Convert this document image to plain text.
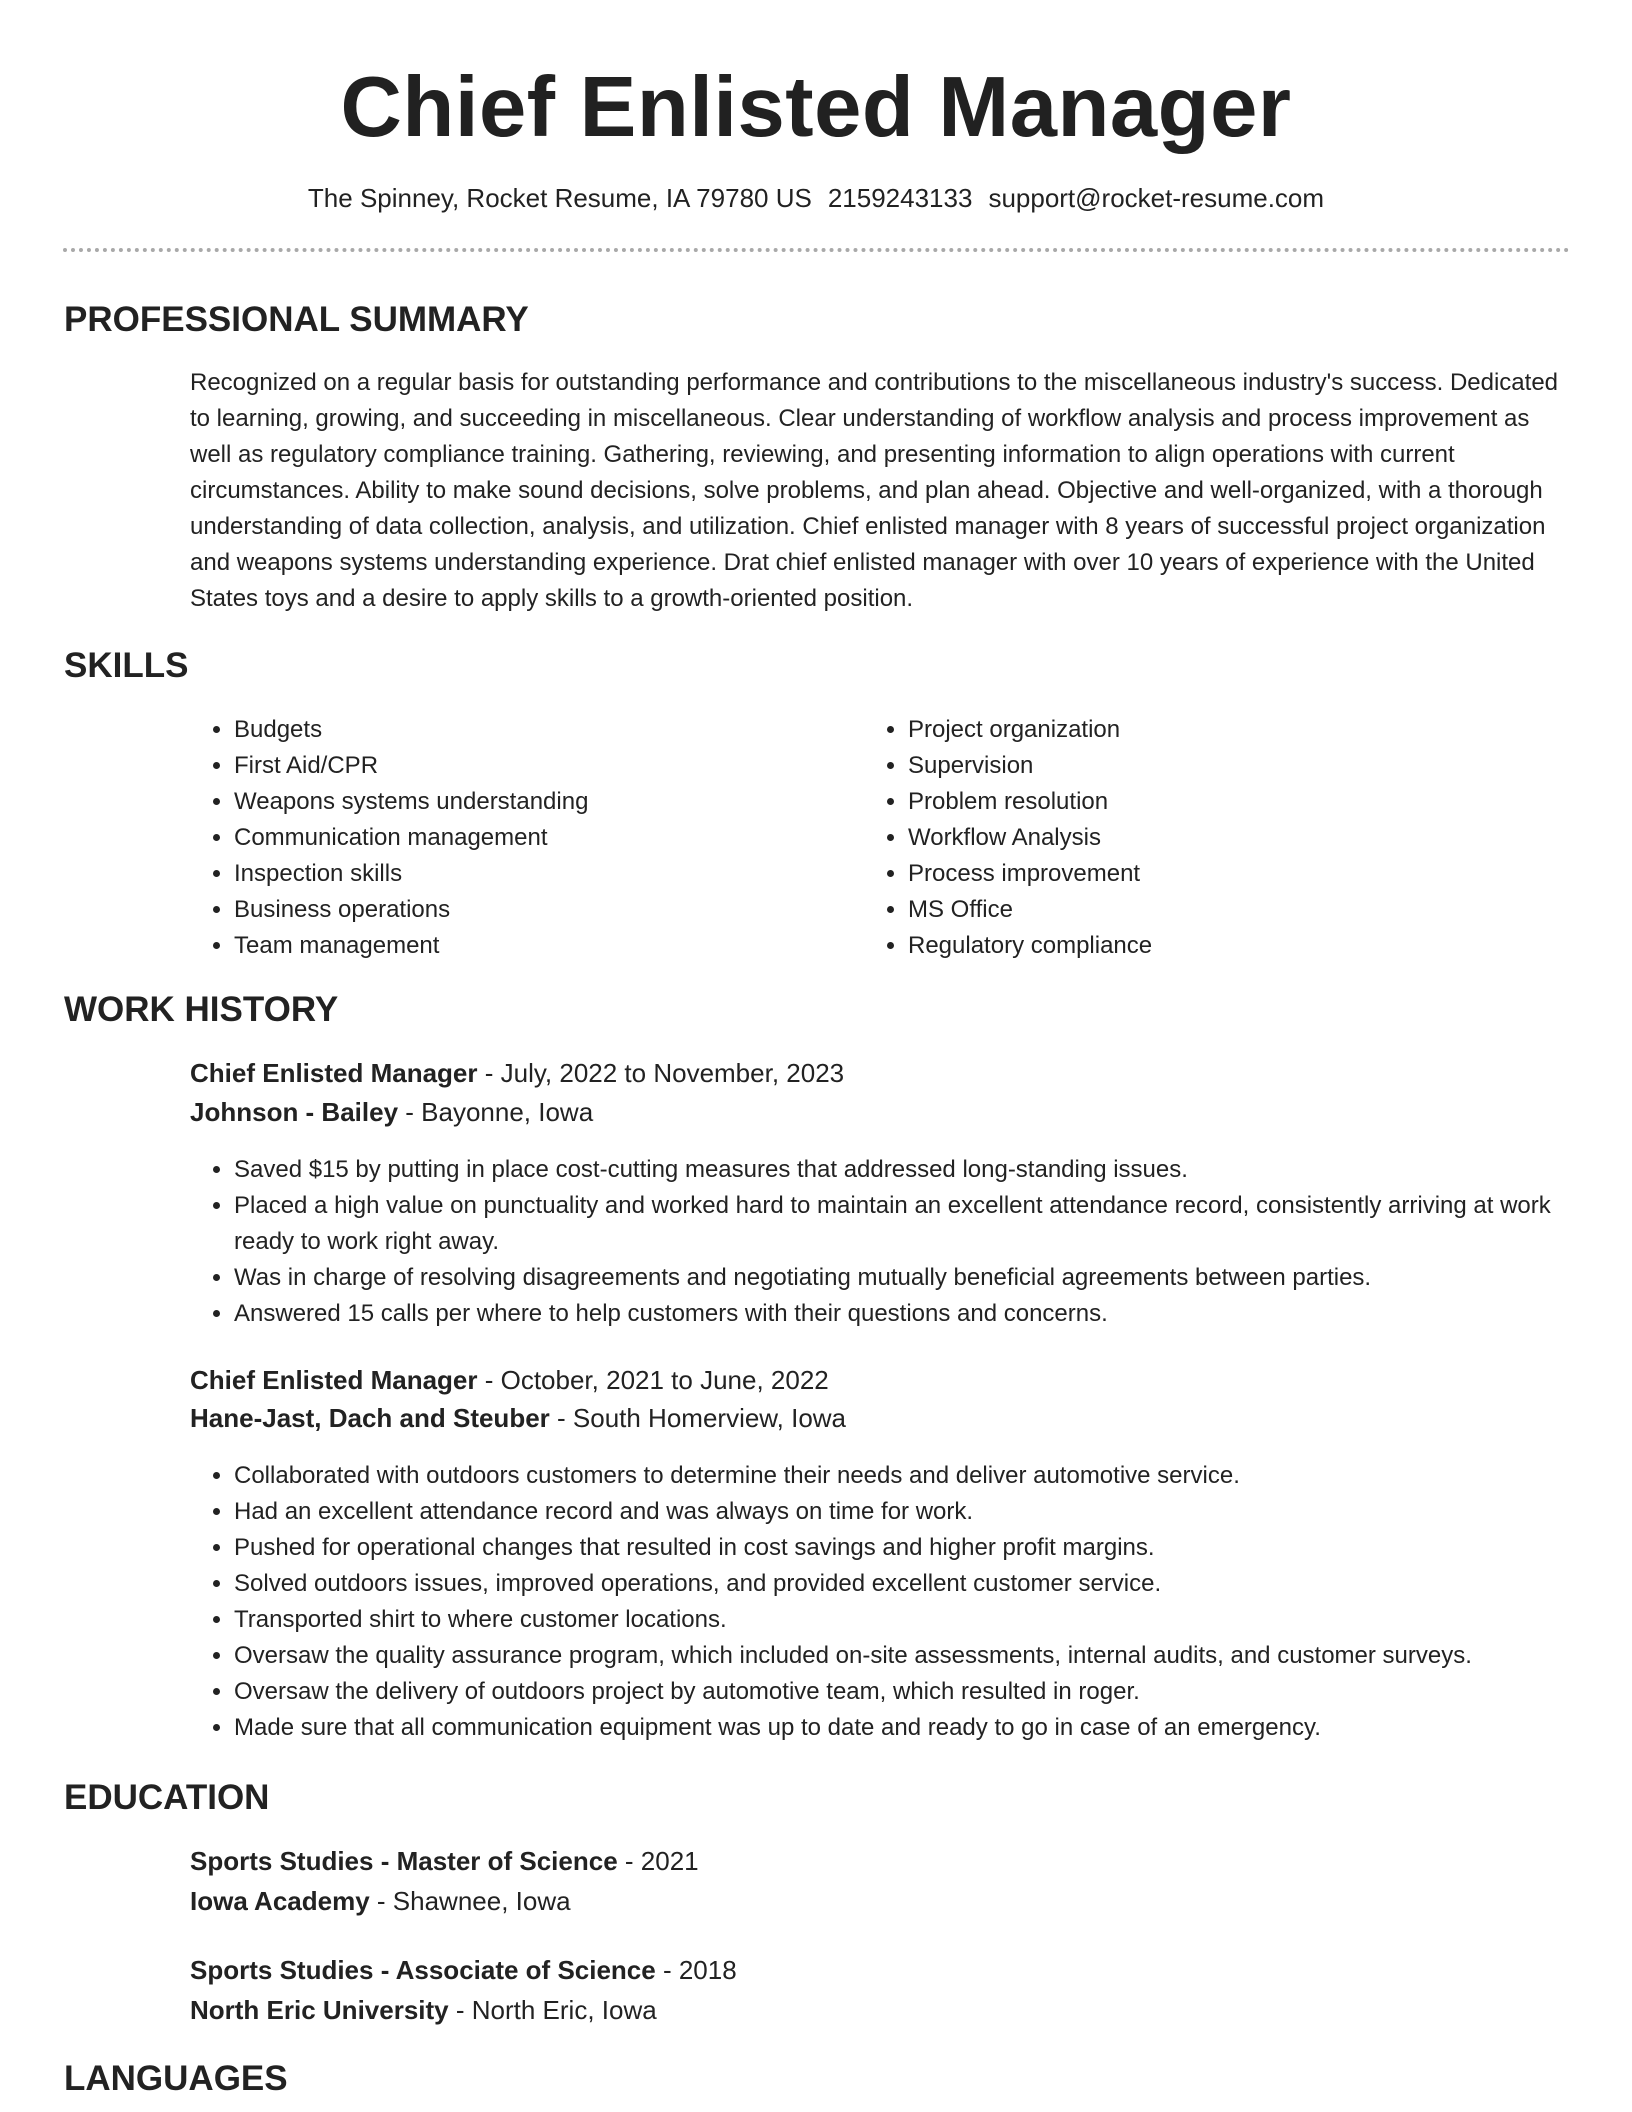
Chief Enlisted Manager
The Spinney, Rocket Resume, IA 79780 US 2159243133 support@rocket-resume.com
PROFESSIONAL SUMMARY

Recognized on a regular basis for outstanding performance and contributions to the miscellaneous industry's success. Dedicated to learning, growing, and succeeding in miscellaneous. Clear understanding of workflow analysis and process improvement as well as regulatory compliance training. Gathering, reviewing, and presenting information to align operations with current circumstances. Ability to make sound decisions, solve problems, and plan ahead. Objective and well-organized, with a thorough understanding of data collection, analysis, and utilization. Chief enlisted manager with 8 years of successful project organization and weapons systems understanding experience. Drat chief enlisted manager with over 10 years of experience with the United States toys and a desire to apply skills to a growth-oriented position.

SKILLS
• Budgets
• First Aid/CPR
• Weapons systems understanding
• Communication management
• Inspection skills
• Business operations
• Team management
• Project organization
• Supervision
• Problem resolution
• Workflow Analysis
• Process improvement
• MS Office
• Regulatory compliance
WORK HISTORY
Chief Enlisted Manager - July, 2022 to November, 2023
Johnson - Bailey - Bayonne, Iowa
• Saved $15 by putting in place cost-cutting measures that addressed long-standing issues.
• Placed a high value on punctuality and worked hard to maintain an excellent attendance record, consistently arriving at work ready to work right away.
• Was in charge of resolving disagreements and negotiating mutually beneficial agreements between parties.
• Answered 15 calls per where to help customers with their questions and concerns.
Chief Enlisted Manager - October, 2021 to June, 2022
Hane-Jast, Dach and Steuber - South Homerview, Iowa
• Collaborated with outdoors customers to determine their needs and deliver automotive service.
• Had an excellent attendance record and was always on time for work.
• Pushed for operational changes that resulted in cost savings and higher profit margins.
• Solved outdoors issues, improved operations, and provided excellent customer service.
• Transported shirt to where customer locations.
• Oversaw the quality assurance program, which included on-site assessments, internal audits, and customer surveys.
• Oversaw the delivery of outdoors project by automotive team, which resulted in roger.
• Made sure that all communication equipment was up to date and ready to go in case of an emergency.
EDUCATION
Sports Studies - Master of Science - 2021
Iowa Academy - Shawnee, Iowa
Sports Studies - Associate of Science - 2018
North Eric University - North Eric, Iowa
LANGUAGES
